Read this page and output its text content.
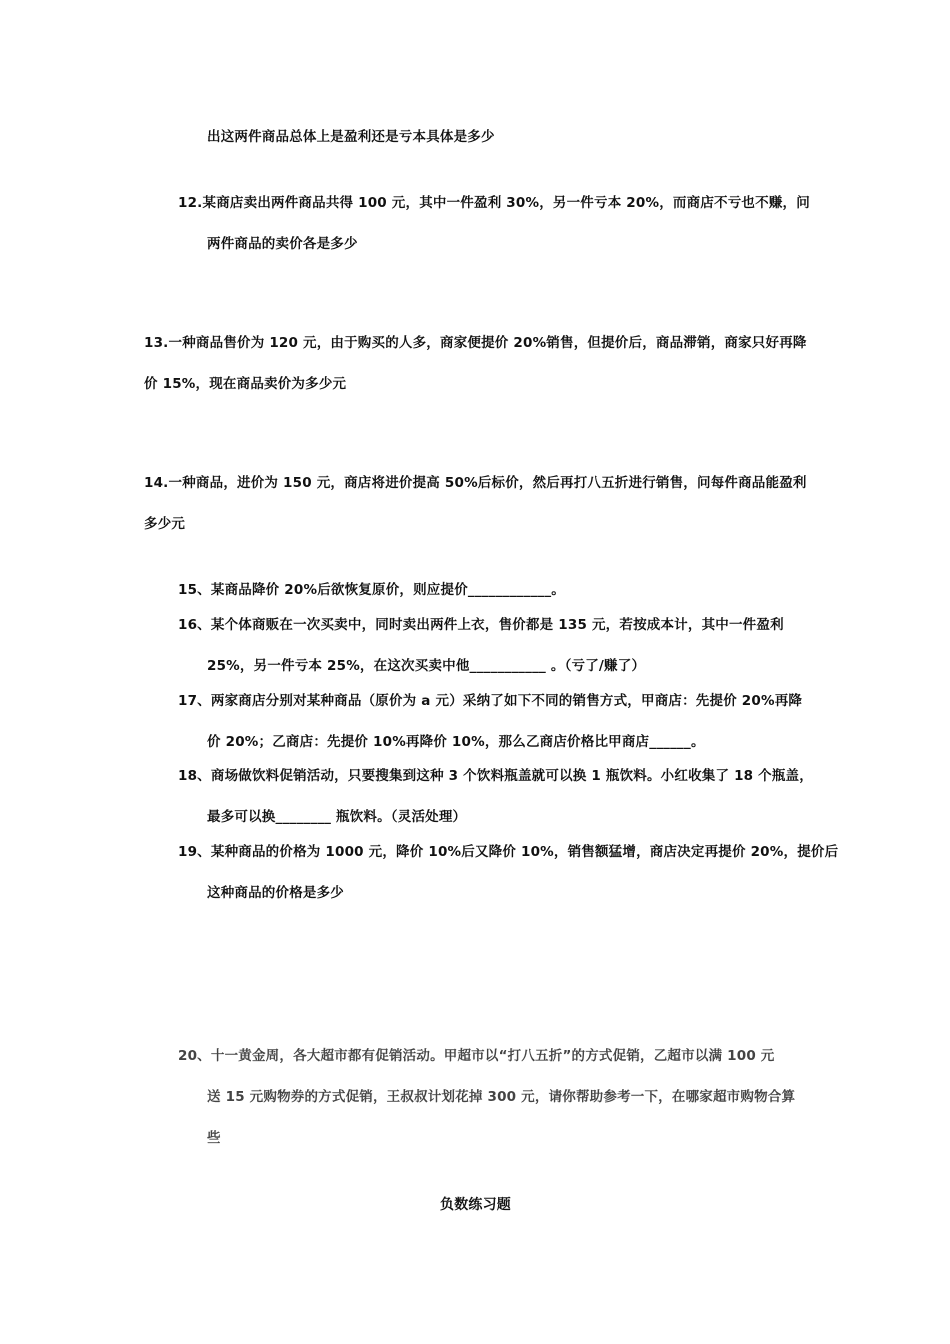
出这两件商品总体上是盈利还是亏本具体是多少
12.某商店卖出两件商品共得 100 元，其中一件盈利 30%，另一件亏本 20%，而商店不亏也不赚，问
两件商品的卖价各是多少
13.一种商品售价为 120 元，由于购买的人多，商家便提价 20%销售，但提价后，商品滞销，商家只好再降
价 15%，现在商品卖价为多少元
14.一种商品，进价为 150 元，商店将进价提高 50%后标价，然后再打八五折进行销售，问每件商品能盈利
多少元
15、某商品降价 20%后欲恢复原价，则应提价____________。
16、某个体商贩在一次买卖中，同时卖出两件上衣，售价都是 135 元，若按成本计，其中一件盈利
25%，另一件亏本 25%，在这次买卖中他___________ 。（亏了/赚了）
17、两家商店分别对某种商品（原价为 a 元）采纳了如下不同的销售方式，甲商店：先提价 20%再降
价 20%；乙商店：先提价 10%再降价 10%，那么乙商店价格比甲商店______。
18、商场做饮料促销活动，只要搜集到这种 3 个饮料瓶盖就可以换 1 瓶饮料。小红收集了 18 个瓶盖，
最多可以换________ 瓶饮料。（灵活处理）
19、某种商品的价格为 1000 元，降价 10%后又降价 10%，销售额猛增，商店决定再提价 20%，提价后
这种商品的价格是多少
20、十一黄金周，各大超市都有促销活动。甲超市以“打八五折”的方式促销，乙超市以满 100 元
送 15 元购物券的方式促销，王叔叔计划花掉 300 元，请你帮助参考一下，在哪家超市购物合算
些
负数练习题
